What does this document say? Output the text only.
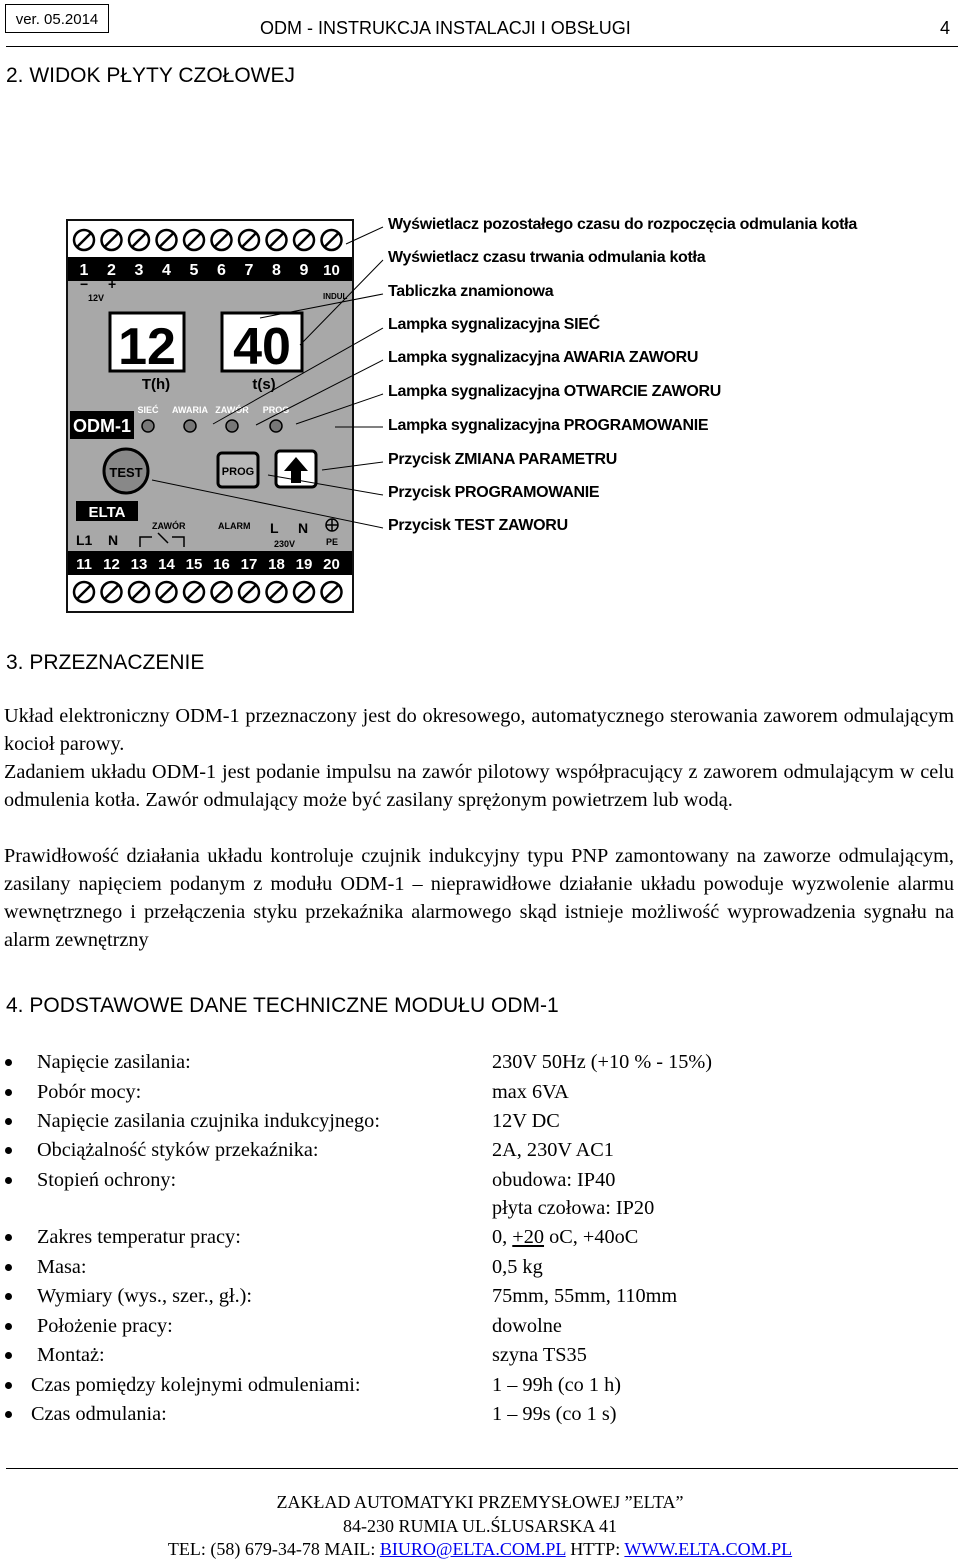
ver. 05.2014	ODM - INSTRUKCJA INSTALACJI I OBSŁUGI	4
2. WIDOK PŁYTY CZOŁOWEJ
1 2 3 4 5 6 7 8 9 10
− +
12V	INDUL
12 40
T(h)	t(s)
SIEĆ AWARIA ZAWÓR PROG
ODM-1
TEST	PROG
ELTA
L1 N
ZAWÓR	ALARM L N
230V	PE
11 12 13 14 15 16 17 18 19 20
Wyświetlacz pozostałego czasu do rozpoczęcia odmulania kotła
Wyświetlacz czasu trwania odmulania kotła
Tabliczka znamionowa
Lampka sygnalizacyjna SIEĆ
Lampka sygnalizacyjna AWARIA ZAWORU
Lampka sygnalizacyjna OTWARCIE ZAWORU
Lampka sygnalizacyjna PROGRAMOWANIE
Przycisk ZMIANA PARAMETRU
Przycisk PROGRAMOWANIE
Przycisk TEST ZAWORU
3. PRZEZNACZENIE
Układ elektroniczny ODM-1 przeznaczony jest do okresowego, automatycznego sterowania zaworem odmulającym kocioł parowy.
Zadaniem układu ODM-1 jest podanie impulsu na zawór pilotowy współpracujący z zaworem odmulającym w celu odmulenia kotła. Zawór odmulający może być zasilany sprężonym powietrzem lub wodą.
Prawidłowość działania układu kontroluje czujnik indukcyjny typu PNP zamontowany na zaworze odmulającym, zasilany napięciem podanym z modułu ODM-1 – nieprawidłowe działanie układu powoduje wyzwolenie alarmu wewnętrznego i przełączenia styku przekaźnika alarmowego skąd istnieje możliwość wyprowadzenia sygnału na alarm zewnętrzny
4. PODSTAWOWE DANE TECHNICZNE MODUŁU ODM-1
Napięcie zasilania:	230V 50Hz (+10 % - 15%)
Pobór mocy:	max 6VA
Napięcie zasilania czujnika indukcyjnego:	12V DC
Obciążalność styków przekaźnika:	2A, 230V AC1
Stopień ochrony:	obudowa: IP40
płyta czołowa: IP20
Zakres temperatur pracy:	0, +20 oC, +40oC
Masa:	0,5 kg
Wymiary (wys., szer., gł.):	75mm, 55mm, 110mm
Położenie pracy:	dowolne
Montaż:	szyna TS35
Czas pomiędzy kolejnymi odmuleniami:	1 – 99h (co 1 h)
Czas odmulania:	1 – 99s (co 1 s)
ZAKŁAD AUTOMATYKI PRZEMYSŁOWEJ ”ELTA”
84-230 RUMIA UL.ŚLUSARSKA 41
TEL: (58) 679-34-78 MAIL: BIURO@ELTA.COM.PL HTTP: WWW.ELTA.COM.PL
